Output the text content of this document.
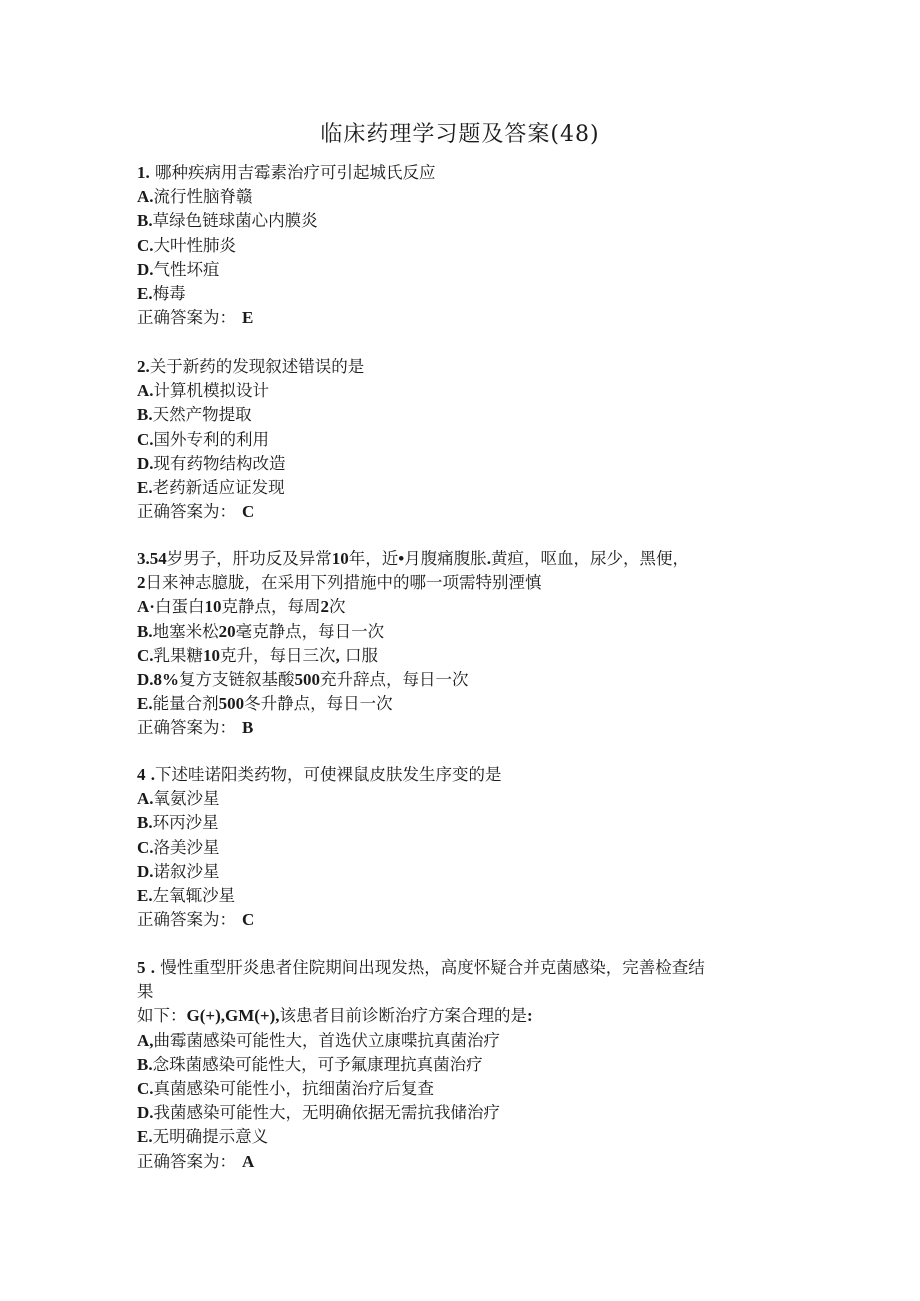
临床药理学习题及答案(48)
1. 哪种疾病用吉霉素治疗可引起城氏反应
A.流行性脑脊赣
B.草绿色链球菌心内膜炎
C.大叶性肺炎
D.气性坏疽
E.梅毒
正确答案为： E
2.关于新药的发现叙述错误的是
A.计算机模拟设计
B.天然产物提取
C.国外专利的利用
D.现有药物结构改造
E.老药新适应证发现
正确答案为： C
3.54岁男子，肝功反及异常10年，近•月腹痛腹胀.黄疸，呕血，尿少，黑便，
2日来神志臆胧，在采用下列措施中的哪一项需特别湮慎
A·白蛋白10克静点，每周2次
B.地塞米松20毫克静点，每日一次
C.乳果糖10克升，每日三次, 口服
D.8%复方支链叙基酸500充升辞点，每日一次
E.能量合剂500冬升静点，每日一次
正确答案为： B
4 .下述哇诺阳类药物，可使裸鼠皮肤发生序变的是
A.氧氨沙星
B.环丙沙星
C.洛美沙星
D.诺叙沙星
E.左氧辄沙星
正确答案为： C
5 . 慢性重型肝炎患者住院期间出现发热，高度怀疑合并克菌感染，完善检查结
果
如下：G(+),GM(+),该患者目前诊断治疗方案合理的是:
A,曲霉菌感染可能性大，首选伏立康喋抗真菌治疗
B.念珠菌感染可能性大，可予氟康理抗真菌治疗
C.真菌感染可能性小，抗细菌治疗后复查
D.我菌感染可能性大，无明确依据无需抗我储治疗
E.无明确提示意义
正确答案为： A
